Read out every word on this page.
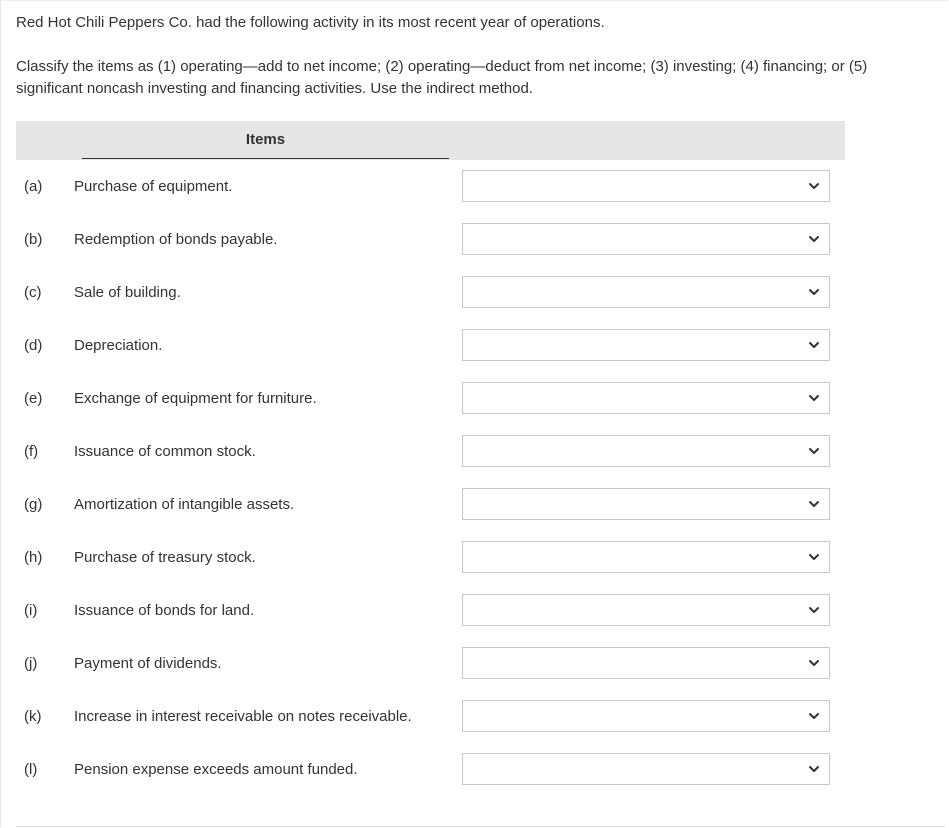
Red Hot Chili Peppers Co. had the following activity in its most recent year of operations.
Classify the items as (1) operating—add to net income; (2) operating—deduct from net income; (3) investing; (4) financing; or (5) significant noncash investing and financing activities. Use the indirect method.
Items
(a) Purchase of equipment.
(b) Redemption of bonds payable.
(c) Sale of building.
(d) Depreciation.
(e) Exchange of equipment for furniture.
(f) Issuance of common stock.
(g) Amortization of intangible assets.
(h) Purchase of treasury stock.
(i) Issuance of bonds for land.
(j) Payment of dividends.
(k) Increase in interest receivable on notes receivable.
(l) Pension expense exceeds amount funded.
